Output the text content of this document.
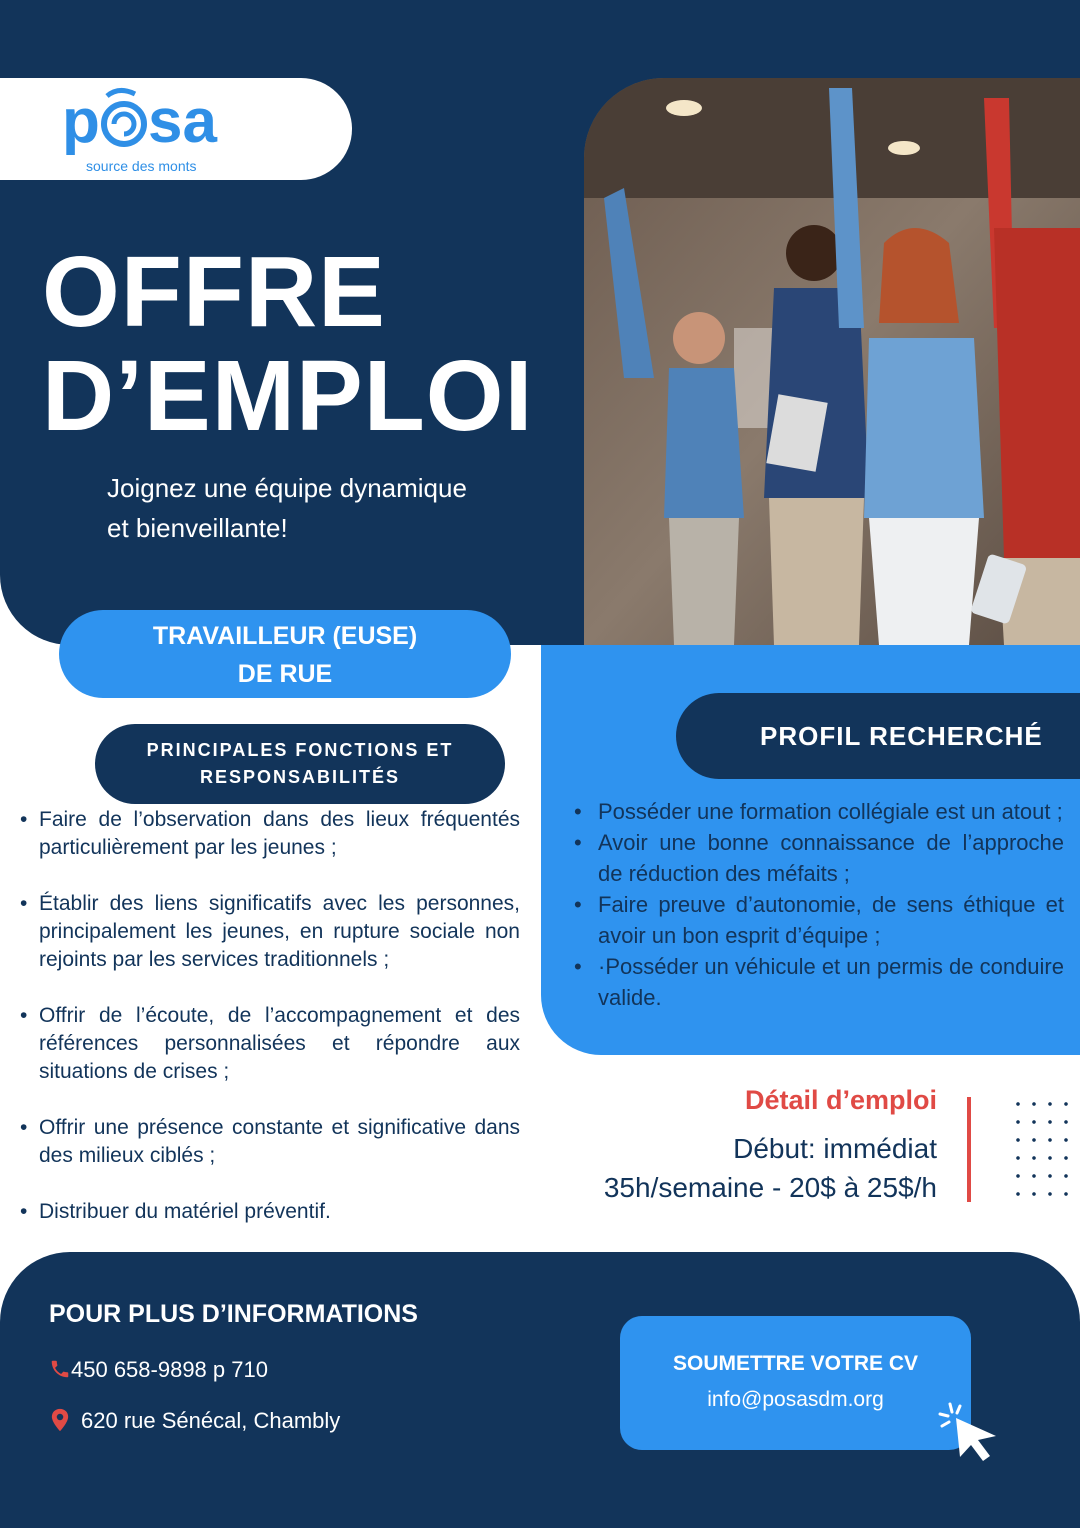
p sa
source des monts
OFFRE
D’EMPLOI
Joignez une équipe dynamique
et bienveillante!
TRAVAILLEUR (EUSE)
DE RUE
PRINCIPALES FONCTIONS ET
RESPONSABILITÉS
• Faire de l’observation dans des lieux fréquentés particulièrement par les jeunes ;
• Établir des liens significatifs avec les personnes, principalement les jeunes, en rupture sociale non rejoints par les services traditionnels ;
• Offrir de l’écoute, de l’accompagnement et des références personnalisées et répondre aux situations de crises ;
• Offrir une présence constante et significative dans des milieux ciblés ;
• Distribuer du matériel préventif.
PROFIL RECHERCHÉ
• Posséder une formation collégiale est un atout ;
• Avoir une bonne connaissance de l’approche de réduction des méfaits ;
• Faire preuve d’autonomie, de sens éthique et avoir un bon esprit d’équipe ;
• ·Posséder un véhicule et un permis de conduire valide.
Détail d’emploi
Début: immédiat
35h/semaine - 20$ à 25$/h
POUR PLUS D’INFORMATIONS
450 658-9898 p 710
620 rue Sénécal, Chambly
SOUMETTRE VOTRE CV
info@posasdm.org
